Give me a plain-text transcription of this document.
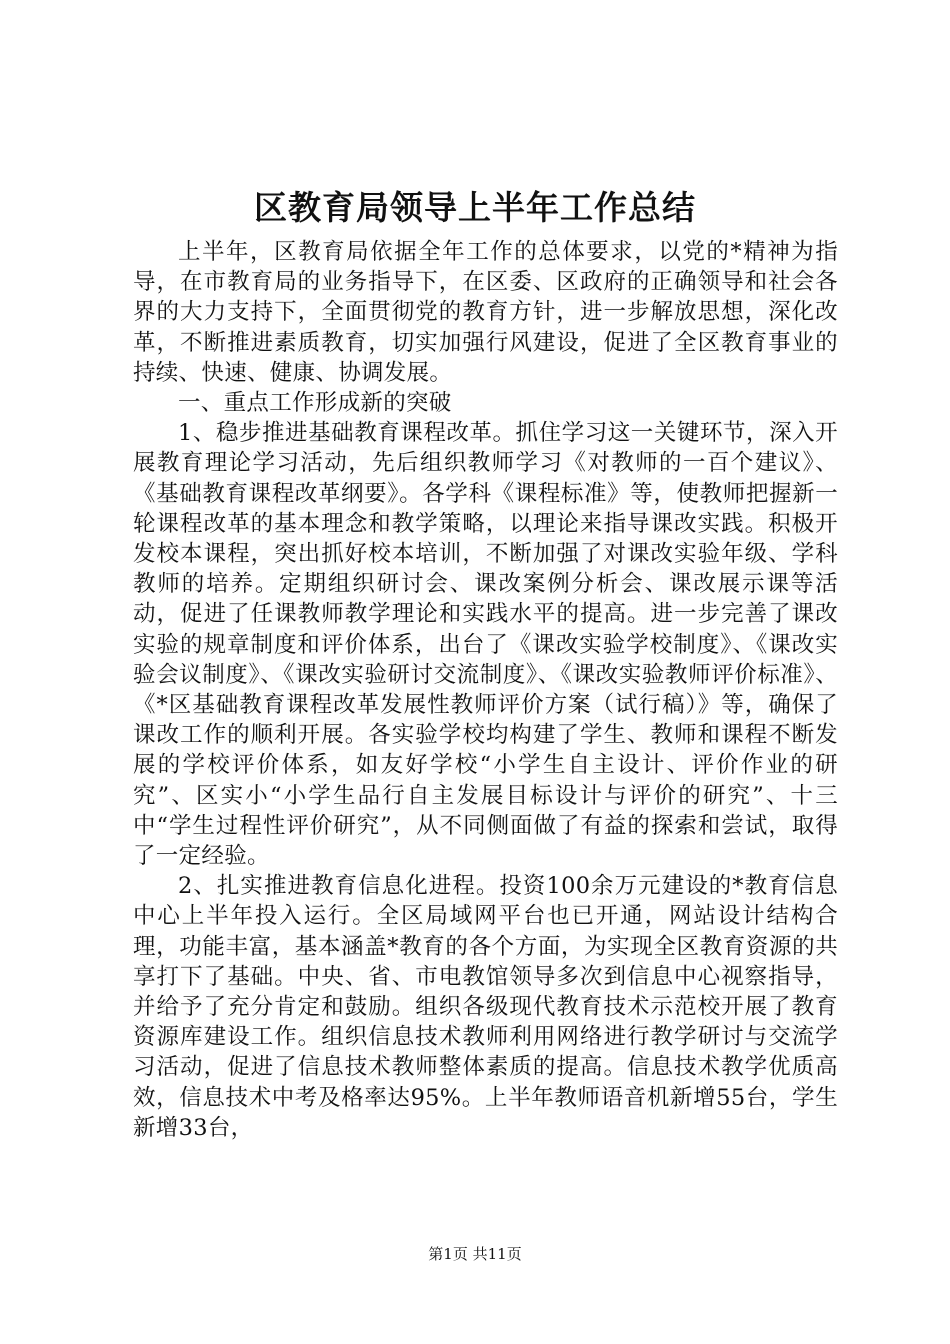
区教育局领导上半年工作总结

上半年，区教育局依据全年工作的总体要求，以党的*精神为指导，在市教育局的业务指导下，在区委、区政府的正确领导和社会各界的大力支持下，全面贯彻党的教育方针，进一步解放思想，深化改革，不断推进素质教育，切实加强行风建设，促进了全区教育事业的持续、快速、健康、协调发展。

一、重点工作形成新的突破

1、稳步推进基础教育课程改革。抓住学习这一关键环节，深入开展教育理论学习活动，先后组织教师学习《对教师的一百个建议》、《基础教育课程改革纲要》。各学科《课程标准》等，使教师把握新一轮课程改革的基本理念和教学策略，以理论来指导课改实践。积极开发校本课程，突出抓好校本培训，不断加强了对课改实验年级、学科教师的培养。定期组织研讨会、课改案例分析会、课改展示课等活动，促进了任课教师教学理论和实践水平的提高。进一步完善了课改实验的规章制度和评价体系，出台了《课改实验学校制度》、《课改实验会议制度》、《课改实验研讨交流制度》、《课改实验教师评价标准》、《*区基础教育课程改革发展性教师评价方案（试行稿）》等，确保了课改工作的顺利开展。各实验学校均构建了学生、教师和课程不断发展的学校评价体系，如友好学校“小学生自主设计、评价作业的研究”、区实小“小学生品行自主发展目标设计与评价的研究”、十三中“学生过程性评价研究”，从不同侧面做了有益的探索和尝试，取得了一定经验。

2、扎实推进教育信息化进程。投资100余万元建设的*教育信息中心上半年投入运行。全区局域网平台也已开通，网站设计结构合理，功能丰富，基本涵盖*教育的各个方面，为实现全区教育资源的共享打下了基础。中央、省、市电教馆领导多次到信息中心视察指导，并给予了充分肯定和鼓励。组织各级现代教育技术示范校开展了教育资源库建设工作。组织信息技术教师利用网络进行教学研讨与交流学习活动，促进了信息技术教师整体素质的提高。信息技术教学优质高效，信息技术中考及格率达95%。上半年教师语音机新增55台，学生新增33台，

第1页 共11页
